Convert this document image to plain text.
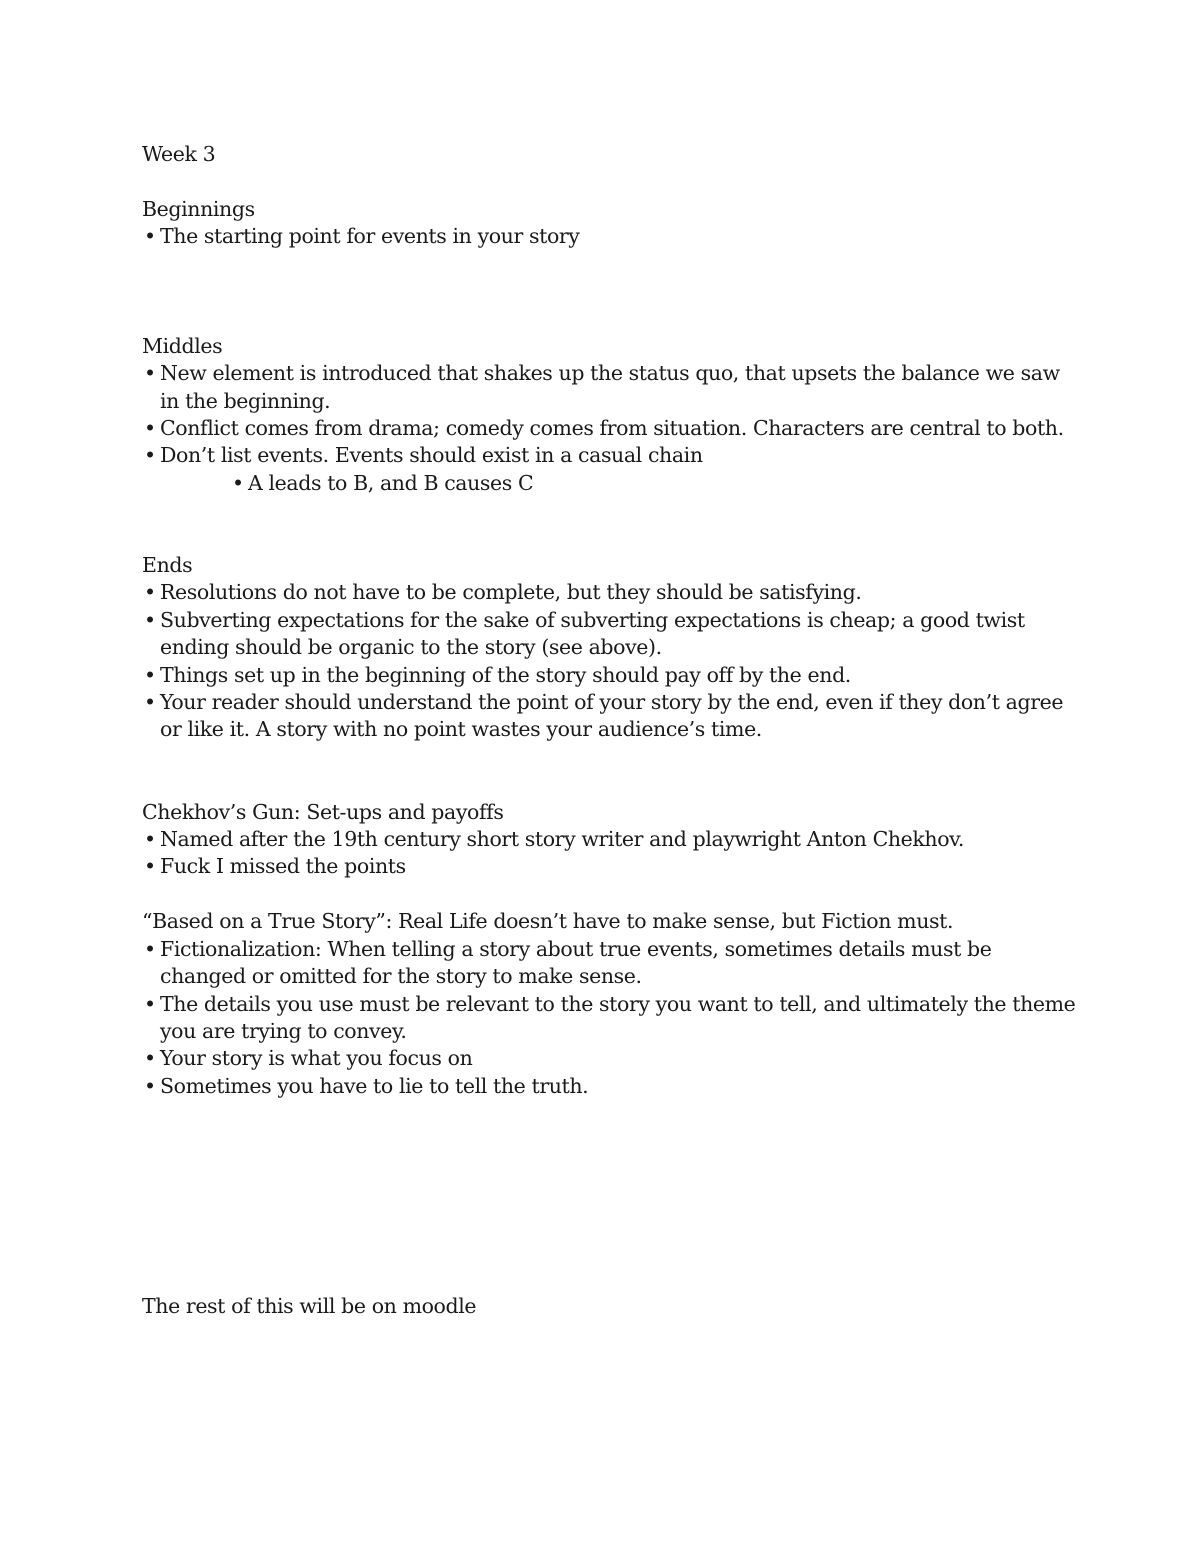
Week 3
Beginnings
• The starting point for events in your story
Middles
• New element is introduced that shakes up the status quo, that upsets the balance we saw in the beginning.
• Conflict comes from drama; comedy comes from situation. Characters are central to both.
• Don’t list events. Events should exist in a casual chain
• A leads to B, and B causes C
Ends
• Resolutions do not have to be complete, but they should be satisfying.
• Subverting expectations for the sake of subverting expectations is cheap; a good twist ending should be organic to the story (see above).
• Things set up in the beginning of the story should pay off by the end.
• Your reader should understand the point of your story by the end, even if they don’t agree or like it. A story with no point wastes your audience’s time.
Chekhov’s Gun: Set-ups and payoffs
• Named after the 19th century short story writer and playwright Anton Chekhov.
• Fuck I missed the points
“Based on a True Story”: Real Life doesn’t have to make sense, but Fiction must.
• Fictionalization: When telling a story about true events, sometimes details must be changed or omitted for the story to make sense.
• The details you use must be relevant to the story you want to tell, and ultimately the theme you are trying to convey.
• Your story is what you focus on
• Sometimes you have to lie to tell the truth.
The rest of this will be on moodle
